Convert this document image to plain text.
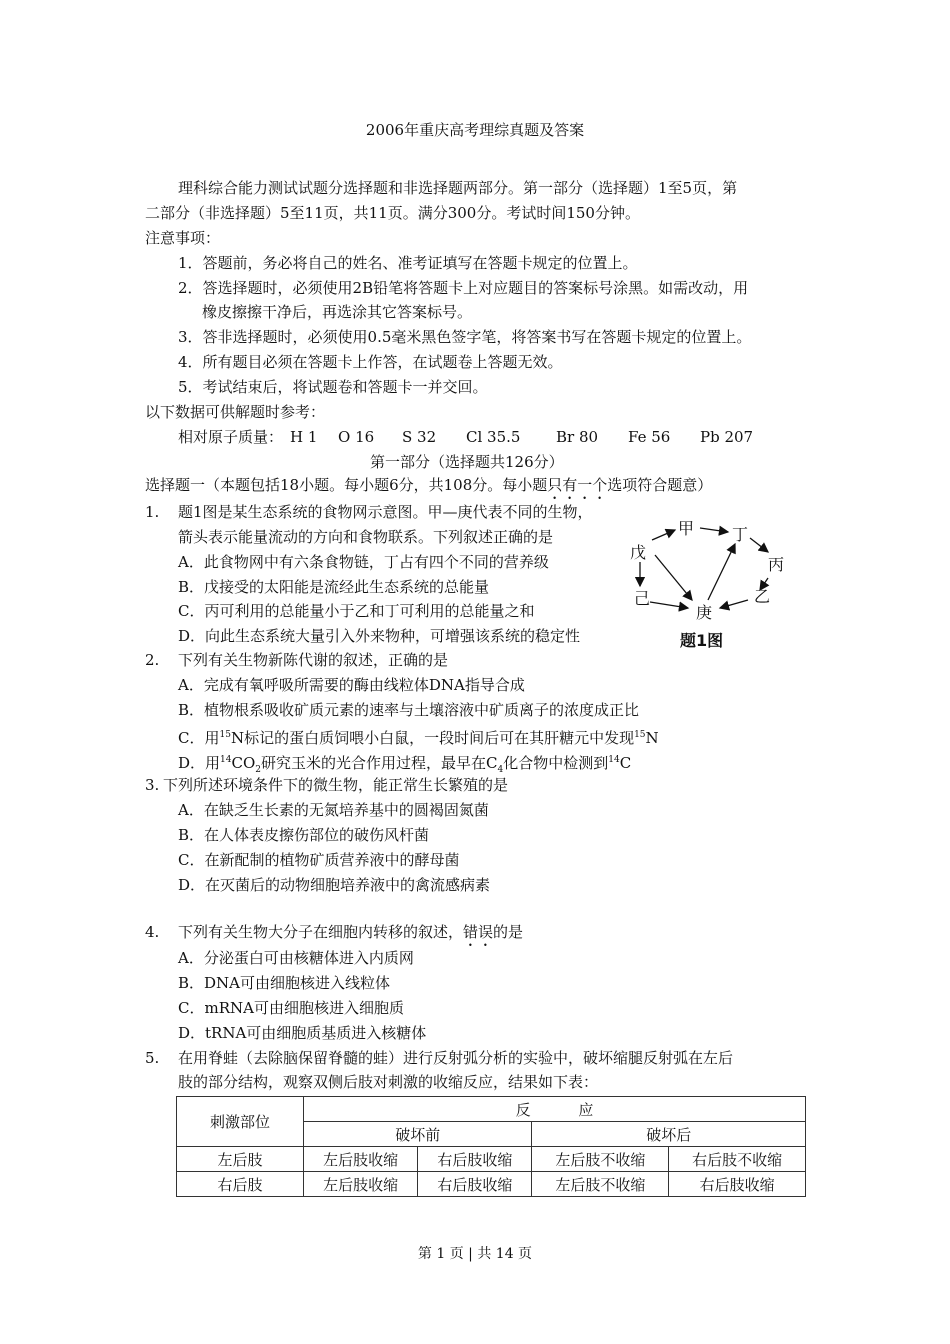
2006年重庆高考理综真题及答案
理科综合能力测试试题分选择题和非选择题两部分。第一部分（选择题）1至5页，第
二部分（非选择题）5至11页，共11页。满分300分。考试时间150分钟。
注意事项：
1．答题前，务必将自己的姓名、准考证填写在答题卡规定的位置上。
2．答选择题时，必须使用2B铅笔将答题卡上对应题目的答案标号涂黑。如需改动，用
橡皮擦擦干净后，再选涂其它答案标号。
3．答非选择题时，必须使用0.5毫米黑色签字笔，将答案书写在答题卡规定的位置上。
4．所有题目必须在答题卡上作答，在试题卷上答题无效。
5．考试结束后，将试题卷和答题卡一并交回。
以下数据可供解题时参考：
相对原子质量： H 1 O 16 S 32 Cl 35.5 Br 80 Fe 56 Pb 207
第一部分（选择题共126分）
选择题一（本题包括18小题。每小题6分，共108分。每小题只有一个选项符合题意）
1. 题1图是某生态系统的食物网示意图。甲—庚代表不同的生物，
箭头表示能量流动的方向和食物联系。下列叙述正确的是
A．此食物网中有六条食物链，丁占有四个不同的营养级
B．戊接受的太阳能是流经此生态系统的总能量
C．丙可利用的总能量小于乙和丁可利用的总能量之和
D．向此生态系统大量引入外来物种，可增强该系统的稳定性
甲 丁
戊
丙
己	乙
庚
题1图
2. 下列有关生物新陈代谢的叙述，正确的是
A．完成有氧呼吸所需要的酶由线粒体DNA指导合成
B．植物根系吸收矿质元素的速率与土壤溶液中矿质离子的浓度成正比
C．用$^{15}$N标记的蛋白质饲喂小白鼠，一段时间后可在其肝糖元中发现$^{15}$N
D．用$^{14}CO_2$研究玉米的光合作用过程，最早在$C_4$化合物中检测到$^{14}$C
3. 下列所述环境条件下的微生物，能正常生长繁殖的是
A．在缺乏生长素的无氮培养基中的圆褐固氮菌
B．在人体表皮擦伤部位的破伤风杆菌
C．在新配制的植物矿质营养液中的酵母菌
D．在灭菌后的动物细胞培养液中的禽流感病素
4. 下列有关生物大分子在细胞内转移的叙述，错误的是
A．分泌蛋白可由核糖体进入内质网
B．DNA可由细胞核进入线粒体
C．mRNA可由细胞核进入细胞质
D．tRNA可由细胞质基质进入核糖体
5. 在用脊蛙（去除脑保留脊髓的蛙）进行反射弧分析的实验中，破坏缩腿反射弧在左后
肢的部分结构，观察双侧后肢对刺激的收缩反应，结果如下表：
刺激部位	反          应			
	破坏前		破坏后	
左后肢	左后肢收缩	右后肢收缩	左后肢不收缩	右后肢不收缩
右后肢	左后肢收缩	右后肢收缩	左后肢不收缩	右后肢收缩
第 1 页 | 共 14 页
